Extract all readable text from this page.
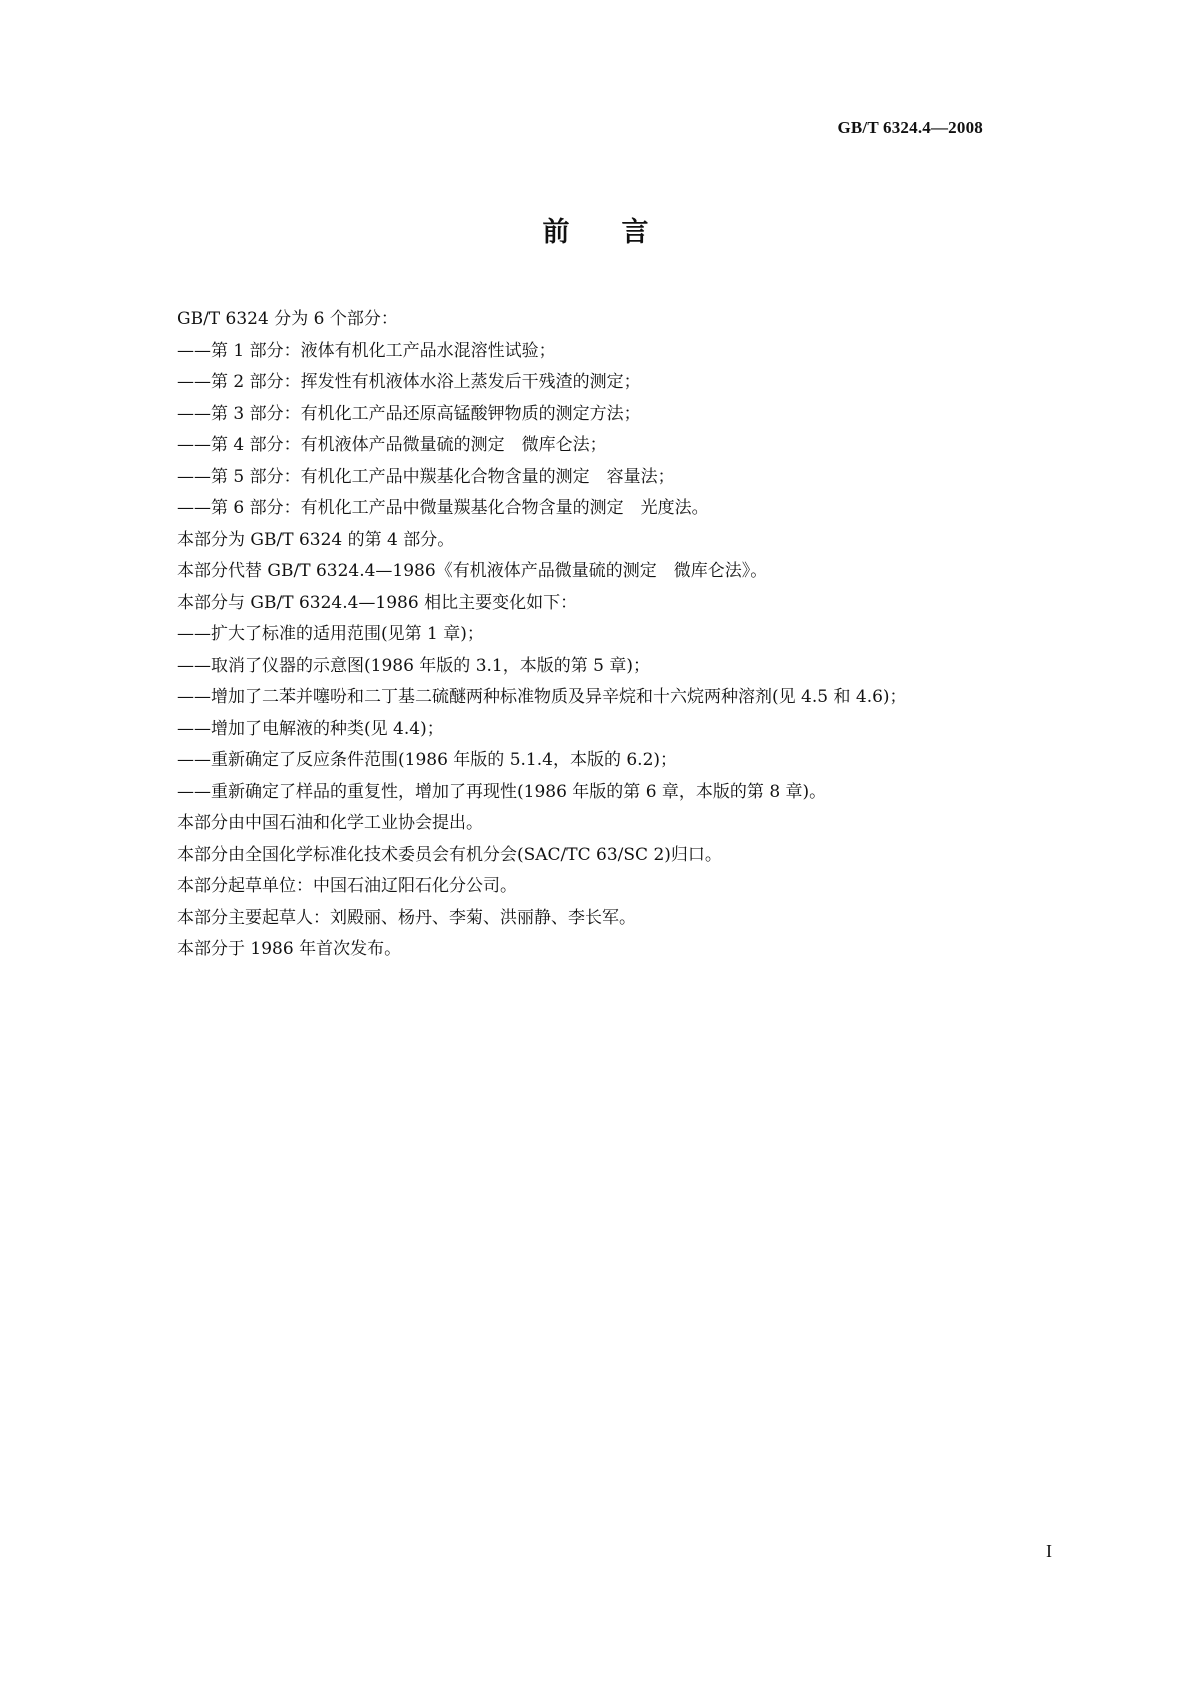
GB/T 6324.4—2008
前言
GB/T 6324 分为 6 个部分：
——第 1 部分：液体有机化工产品水混溶性试验；
——第 2 部分：挥发性有机液体水浴上蒸发后干残渣的测定；
——第 3 部分：有机化工产品还原高锰酸钾物质的测定方法；
——第 4 部分：有机液体产品微量硫的测定　微库仑法；
——第 5 部分：有机化工产品中羰基化合物含量的测定　容量法；
——第 6 部分：有机化工产品中微量羰基化合物含量的测定　光度法。
本部分为 GB/T 6324 的第 4 部分。
本部分代替 GB/T 6324.4—1986《有机液体产品微量硫的测定　微库仑法》。
本部分与 GB/T 6324.4—1986 相比主要变化如下：
——扩大了标准的适用范围(见第 1 章)；
——取消了仪器的示意图(1986 年版的 3.1，本版的第 5 章)；
——增加了二苯并噻吩和二丁基二硫醚两种标准物质及异辛烷和十六烷两种溶剂(见 4.5 和 4.6)；
——增加了电解液的种类(见 4.4)；
——重新确定了反应条件范围(1986 年版的 5.1.4，本版的 6.2)；
——重新确定了样品的重复性，增加了再现性(1986 年版的第 6 章，本版的第 8 章)。
本部分由中国石油和化学工业协会提出。
本部分由全国化学标准化技术委员会有机分会(SAC/TC 63/SC 2)归口。
本部分起草单位：中国石油辽阳石化分公司。
本部分主要起草人：刘殿丽、杨丹、李菊、洪丽静、李长军。
本部分于 1986 年首次发布。
I
